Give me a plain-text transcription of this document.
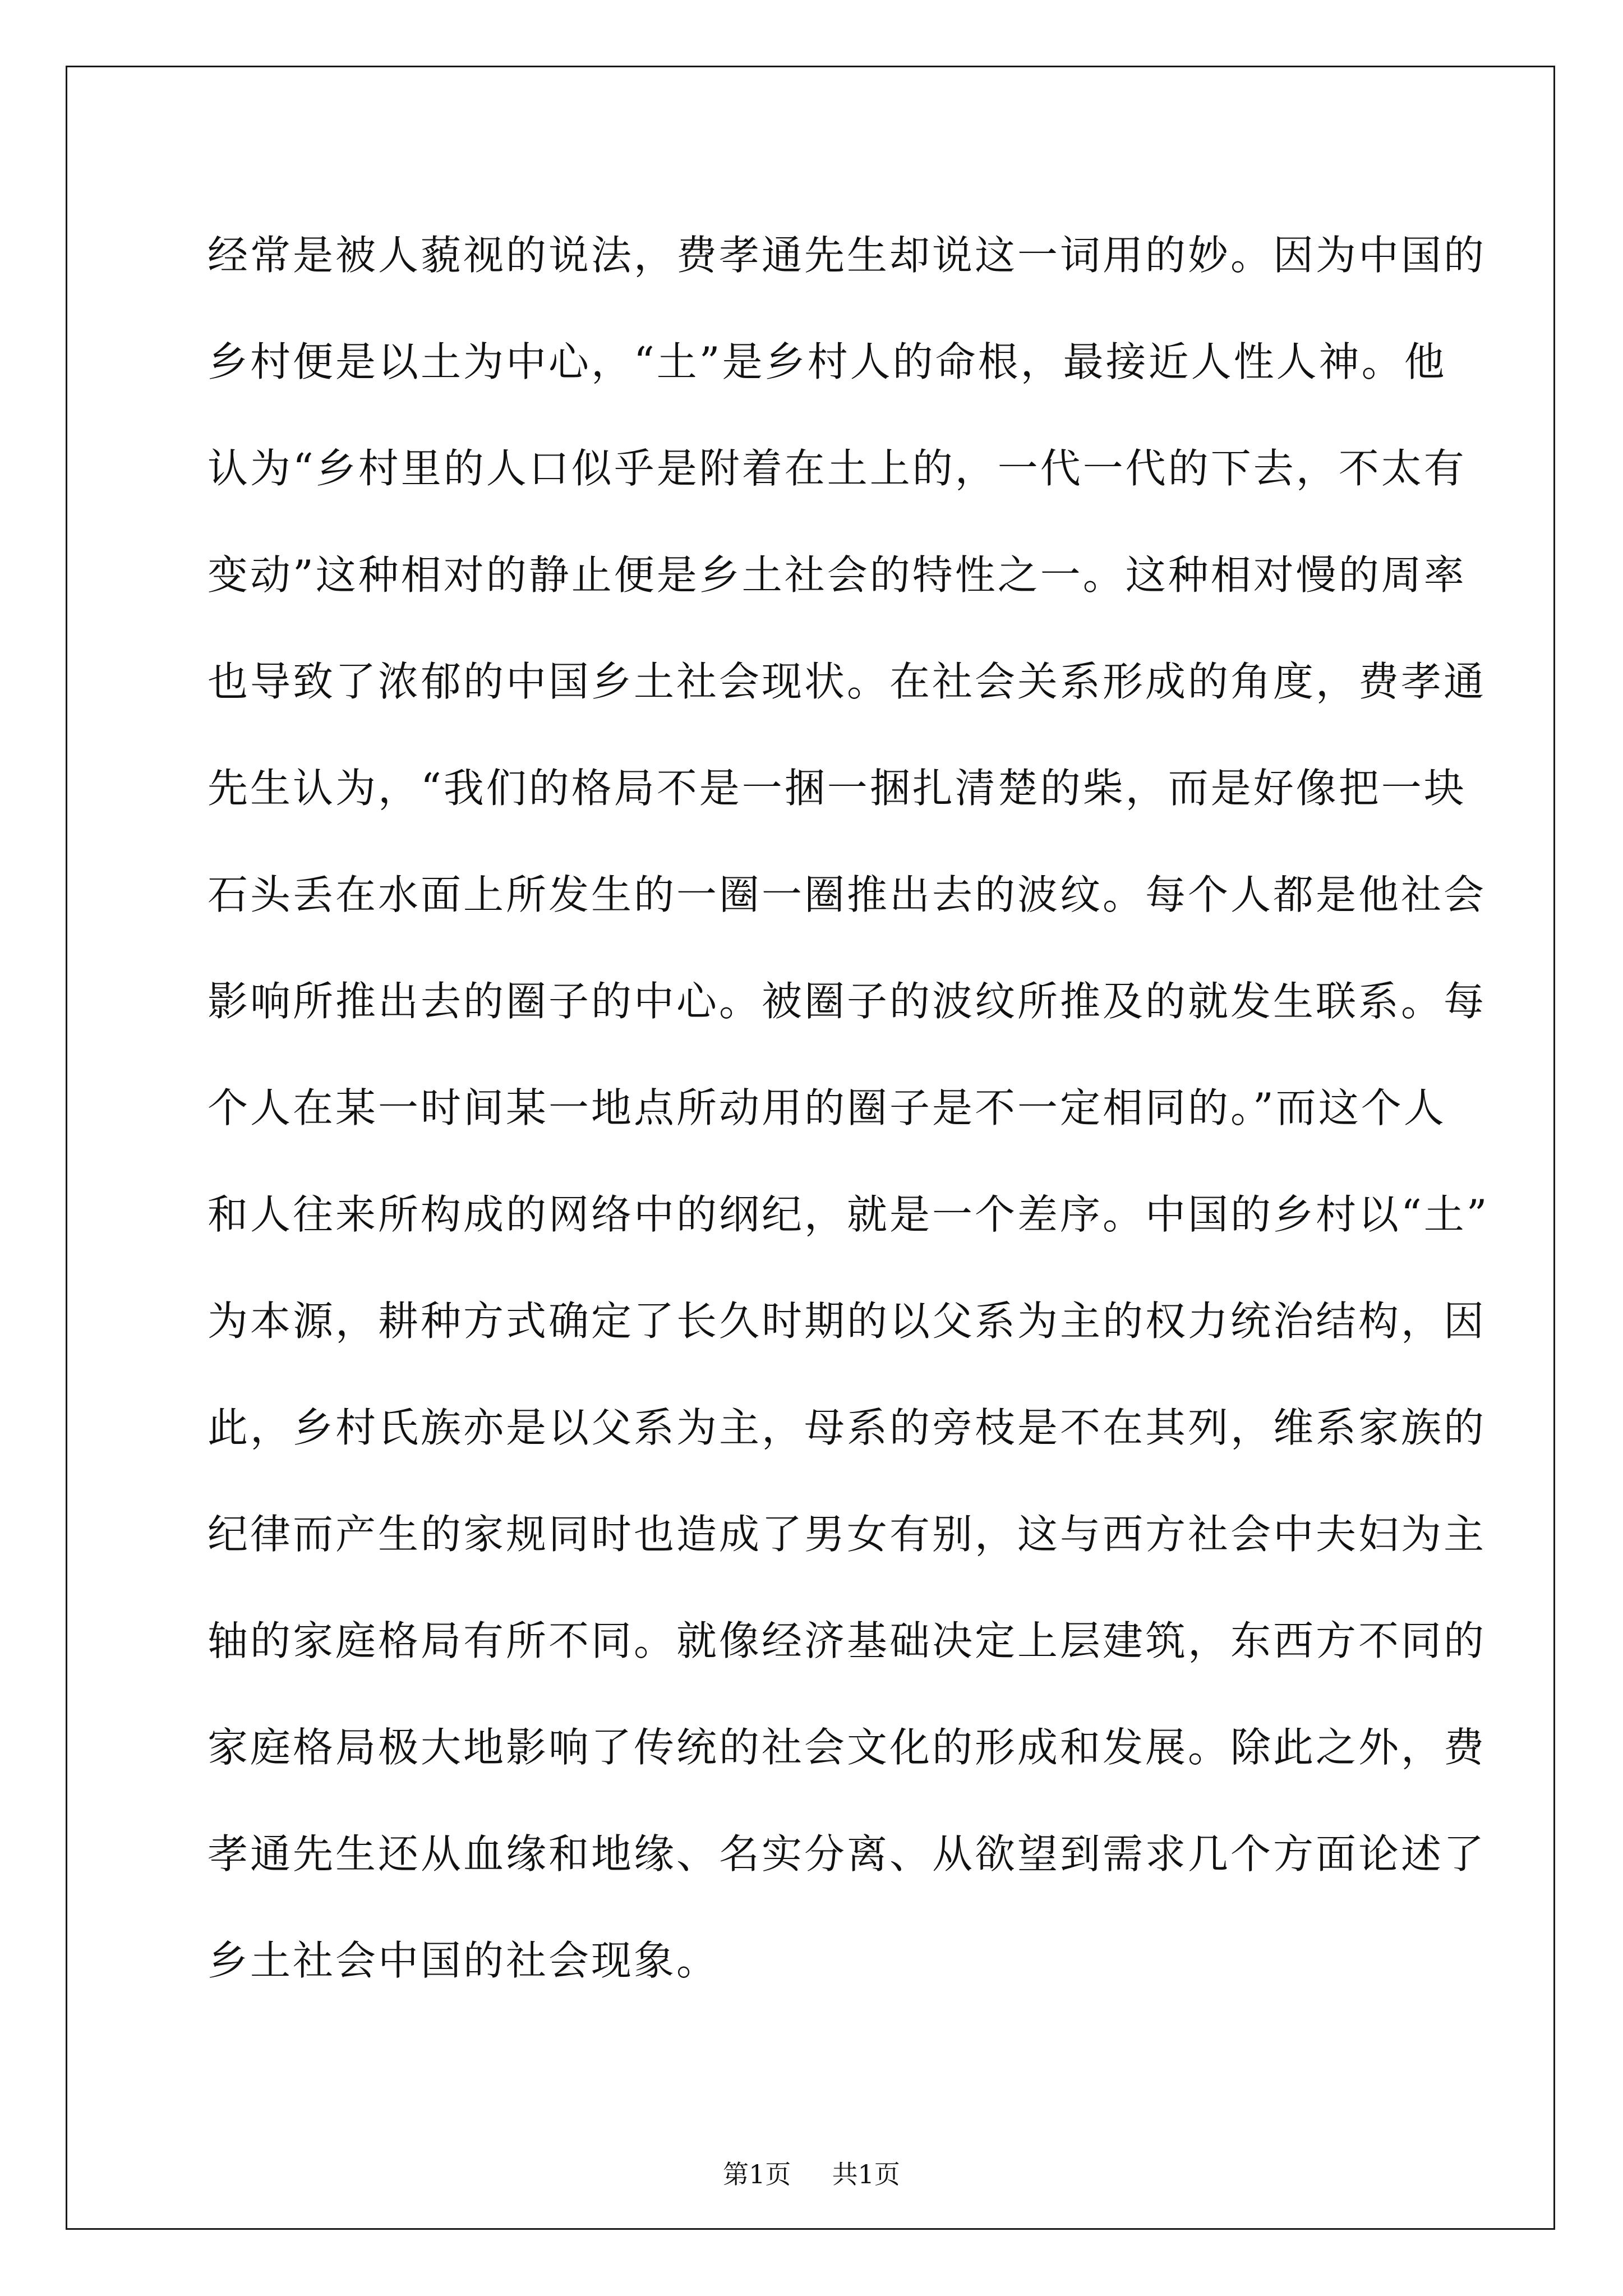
经常是被人藐视的说法，费孝通先生却说这一词用的妙。因为中国的
乡村便是以土为中心，“土”是乡村人的命根，最接近人性人神。他
认为“乡村里的人口似乎是附着在土上的，一代一代的下去，不太有
变动”这种相对的静止便是乡土社会的特性之一。这种相对慢的周率
也导致了浓郁的中国乡土社会现状。在社会关系形成的角度，费孝通
先生认为，“我们的格局不是一捆一捆扎清楚的柴，而是好像把一块
石头丢在水面上所发生的一圈一圈推出去的波纹。每个人都是他社会
影响所推出去的圈子的中心。被圈子的波纹所推及的就发生联系。每
个人在某一时间某一地点所动用的圈子是不一定相同的。”而这个人
和人往来所构成的网络中的纲纪，就是一个差序。中国的乡村以“土”
为本源，耕种方式确定了长久时期的以父系为主的权力统治结构，因
此，乡村氏族亦是以父系为主，母系的旁枝是不在其列，维系家族的
纪律而产生的家规同时也造成了男女有别，这与西方社会中夫妇为主
轴的家庭格局有所不同。就像经济基础决定上层建筑，东西方不同的
家庭格局极大地影响了传统的社会文化的形成和发展。除此之外，费
孝通先生还从血缘和地缘、名实分离、从欲望到需求几个方面论述了
乡土社会中国的社会现象。
第1页 共1页
